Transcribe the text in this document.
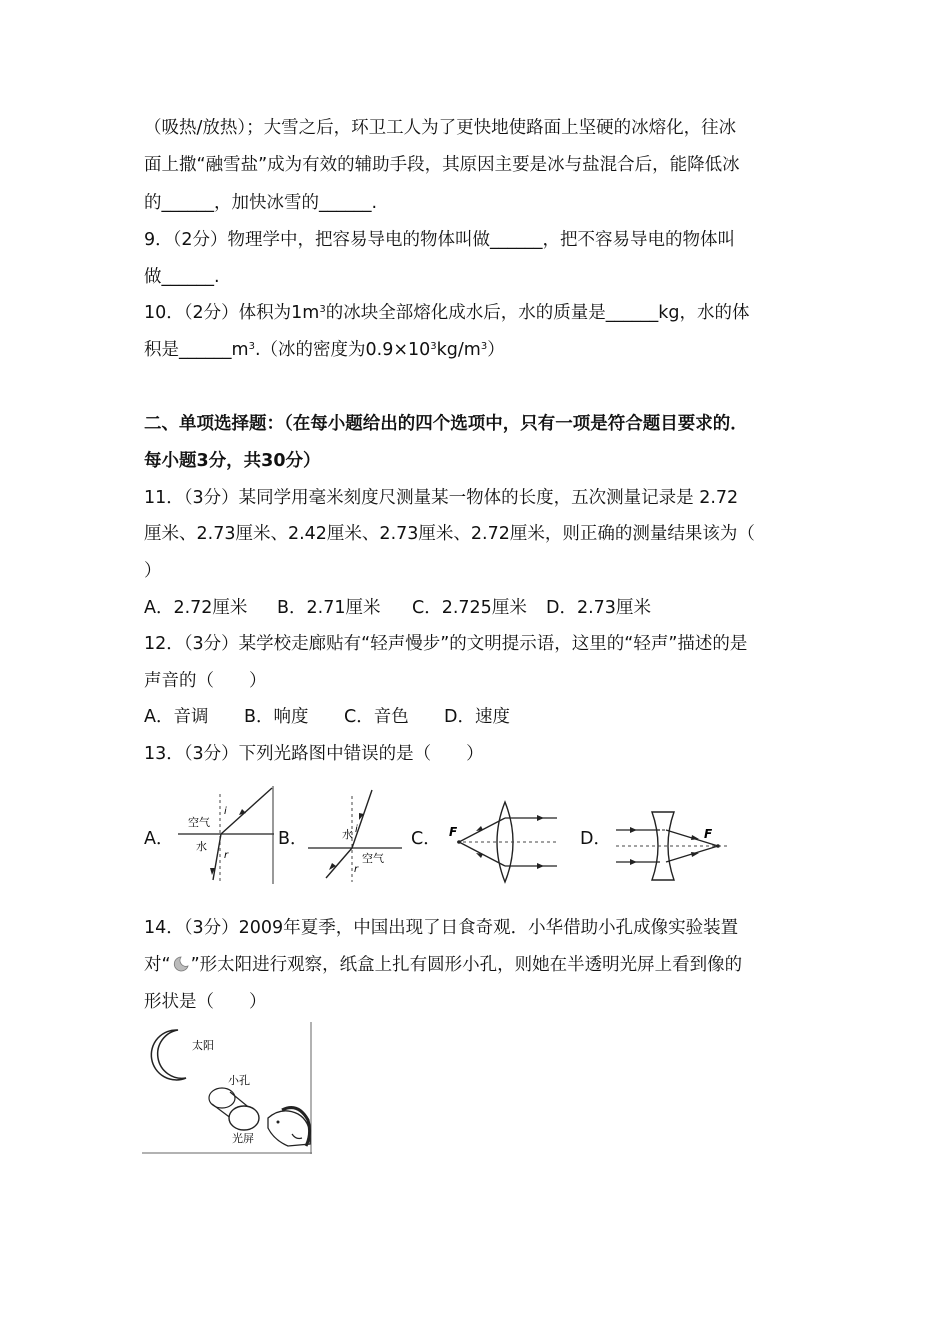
（吸热/放热）；大雪之后，环卫工人为了更快地使路面上坚硬的冰熔化，往冰
面上撒“融雪盐”成为有效的辅助手段，其原因主要是冰与盐混合后，能降低冰
的______，加快冰雪的______.
9．（2分）物理学中，把容易导电的物体叫做______，把不容易导电的物体叫
做______.
10．（2分）体积为$1m^3$的冰块全部熔化成水后，水的质量是______kg，水的体
积是$\_\_\_\_\_\_m^3$.（冰的密度为$0.9\times 10^3kg/m^3$）
二、单项选择题：（在每小题给出的四个选项中，只有一项是符合题目要求的．
每小题3分，共30分）
11．（3分）某同学用毫米刻度尺测量某一物体的长度，五次测量记录是 2.72
厘米、2.73厘米、2.42厘米、2.73厘米、2.72厘米，则正确的测量结果该为（
）
A．2.72厘米 B．2.71厘米 C．2.725厘米 D．2.73厘米
12．（3分）某学校走廊贴有“轻声慢步”的文明提示语，这里的“轻声”描述的是
声音的（　　）
A．音调 B．响度 C．音色 D．速度
13．（3分）下列光路图中错误的是（　　）
A．	B．	C．	D．
空气
水
i
r
水
空气
i
r
F	F
14．（3分）2009年夏季，中国出现了日食奇观．小华借助小孔成像实验装置
对“ ”形太阳进行观察，纸盒上扎有圆形小孔，则她在半透明光屏上看到像的
形状是（　　）
太阳
小孔
光屏
